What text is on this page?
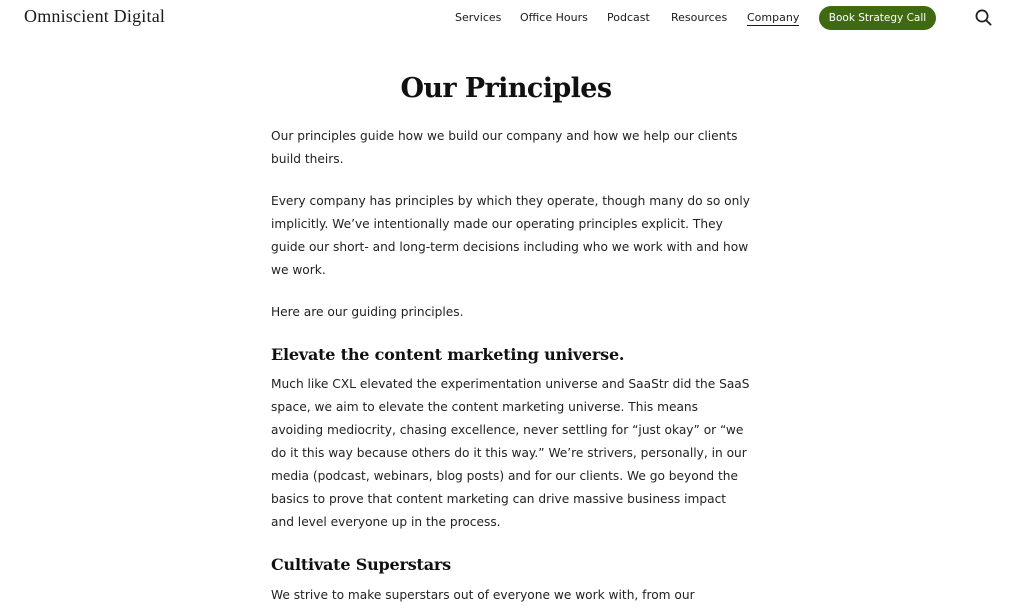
Omniscient Digital	Services Office Hours Podcast Resources Company	Book Strategy Call
Our Principles

Our principles guide how we build our company and how we help our clients build theirs.

Every company has principles by which they operate, though many do so only implicitly. We’ve intentionally made our operating principles explicit. They guide our short- and long-term decisions including who we work with and how we work.

Here are our guiding principles.

Elevate the content marketing universe.

Much like CXL elevated the experimentation universe and SaaStr did the SaaS space, we aim to elevate the content marketing universe. This means avoiding mediocrity, chasing excellence, never settling for “just okay” or “we do it this way because others do it this way.” We’re strivers, personally, in our media (podcast, webinars, blog posts) and for our clients. We go beyond the basics to prove that content marketing can drive massive business impact and level everyone up in the process.

Cultivate Superstars

We strive to make superstars out of everyone we work with, from our
